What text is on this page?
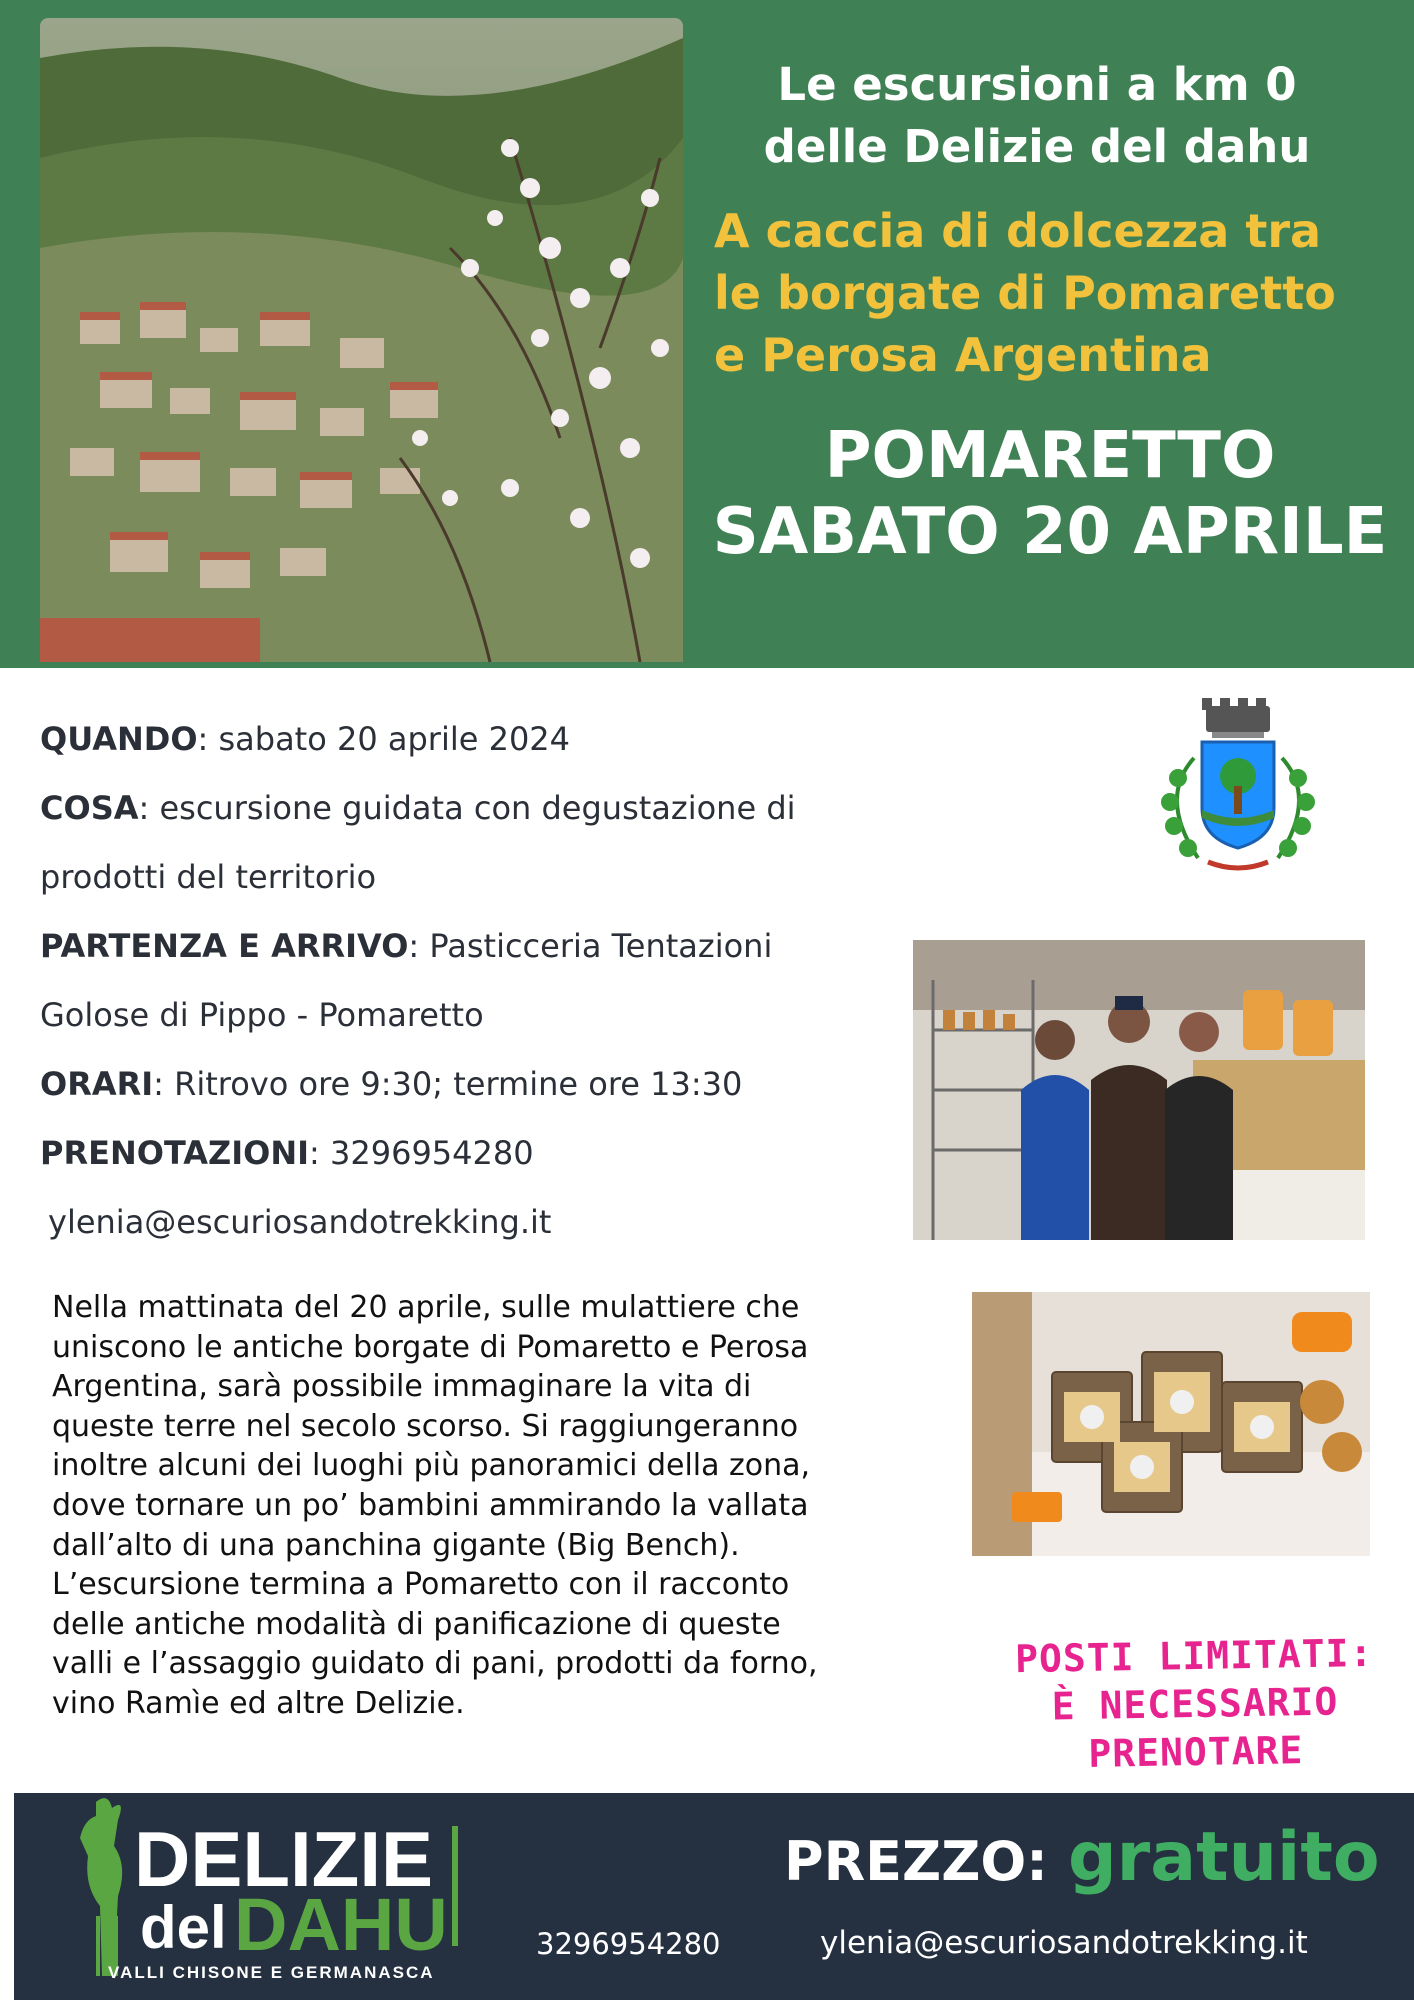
Le escursioni a km 0
delle Delizie del dahu
A caccia di dolcezza tra
le borgate di Pomaretto
e Perosa Argentina
POMARETTO
SABATO 20 APRILE
QUANDO: sabato 20 aprile 2024
COSA: escursione guidata con degustazione di
prodotti del territorio
PARTENZA E ARRIVO: Pasticceria Tentazioni
Golose di Pippo - Pomaretto
ORARI: Ritrovo ore 9:30; termine ore 13:30
PRENOTAZIONI: 3296954280
ylenia@escuriosandotrekking.it
Nella mattinata del 20 aprile, sulle mulattiere che
uniscono le antiche borgate di Pomaretto e Perosa
Argentina, sarà possibile immaginare la vita di
queste terre nel secolo scorso. Si raggiungeranno
inoltre alcuni dei luoghi più panoramici della zona,
dove tornare un po’ bambini ammirando la vallata
dall’alto di una panchina gigante (Big Bench).
L’escursione termina a Pomaretto con il racconto
delle antiche modalità di panificazione di queste
valli e l’assaggio guidato di pani, prodotti da forno,
vino Ramìe ed altre Delizie.
POSTI LIMITATI:
È NECESSARIO
PRENOTARE
DELIZIE
del DAHU
VALLI CHISONE E GERMANASCA
PREZZO: gratuito
3296954280	ylenia@escuriosandotrekking.it
